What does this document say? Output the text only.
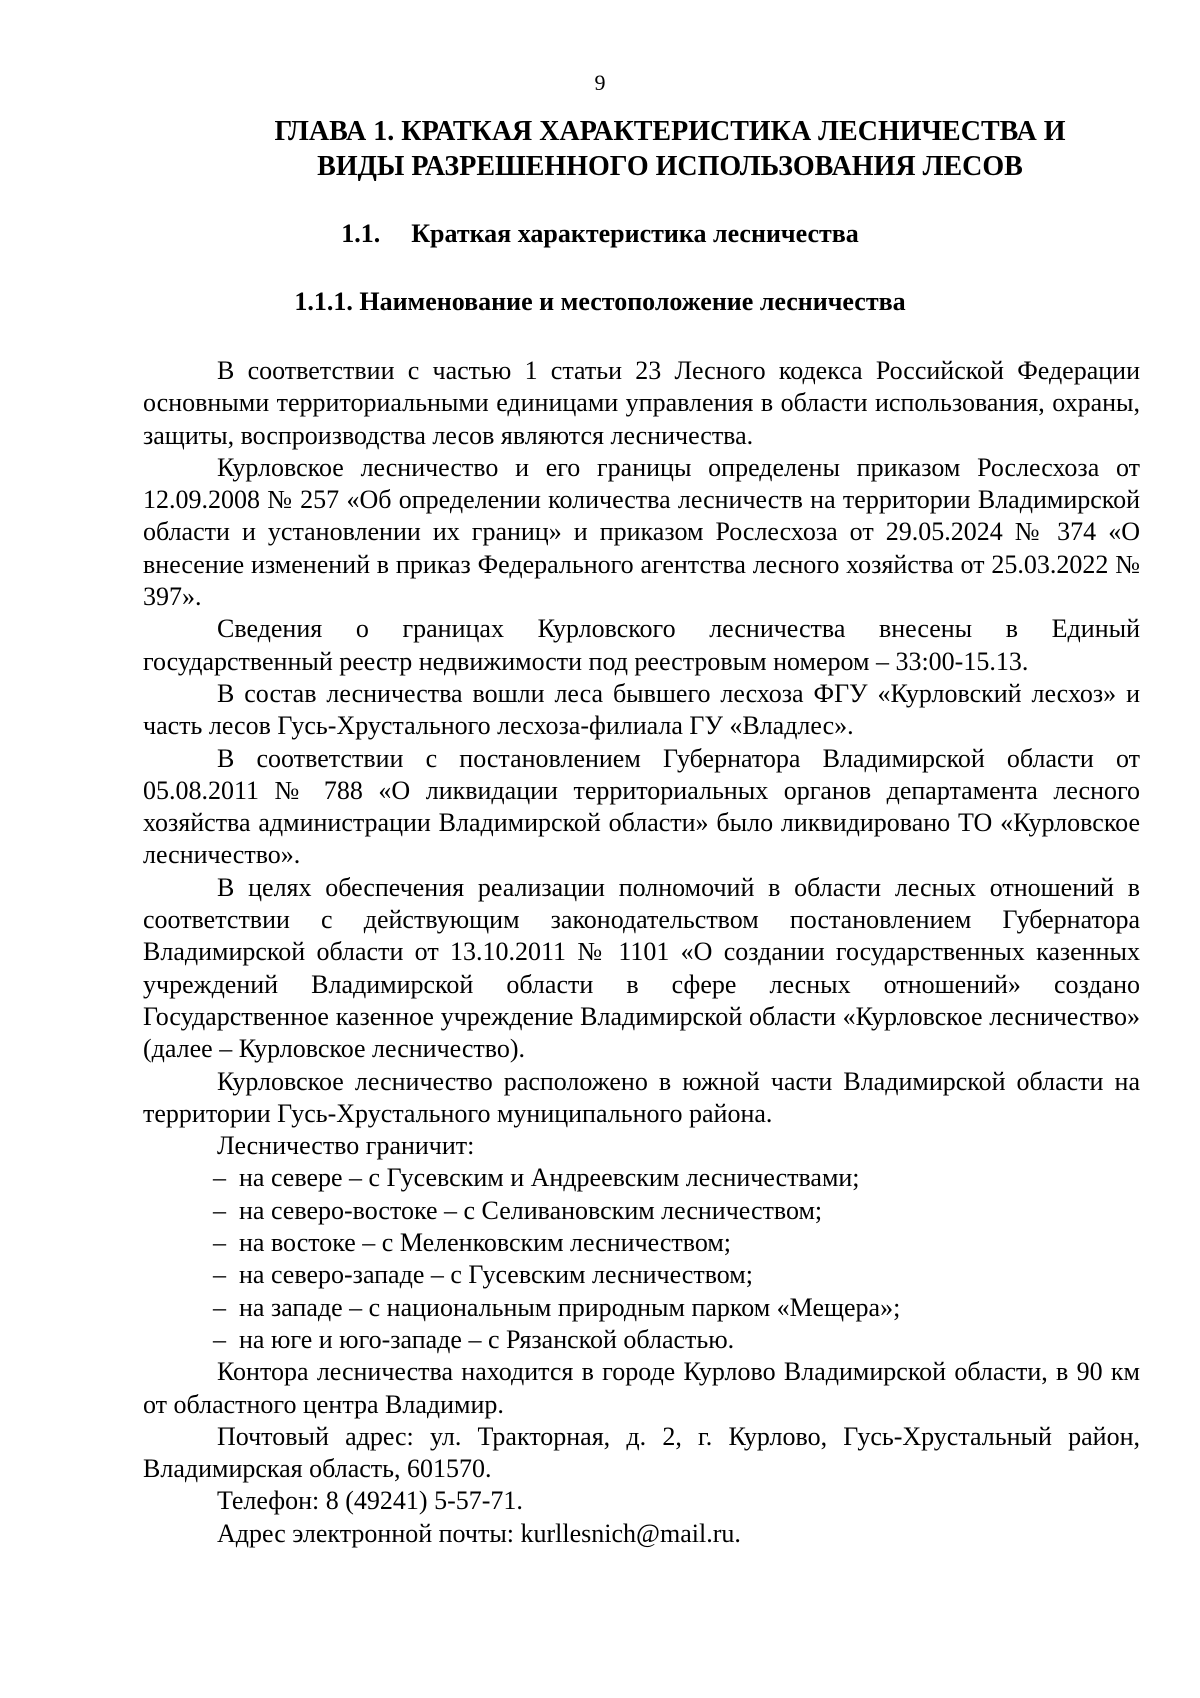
9
ГЛАВА 1. КРАТКАЯ ХАРАКТЕРИСТИКА ЛЕСНИЧЕСТВА И ВИДЫ РАЗРЕШЕННОГО ИСПОЛЬЗОВАНИЯ ЛЕСОВ
1.1. Краткая характеристика лесничества
1.1.1. Наименование и местоположение лесничества

В соответствии с частью 1 статьи 23 Лесного кодекса Российской Федерации основными территориальными единицами управления в области использования, охраны, защиты, воспроизводства лесов являются лесничества.

Курловское лесничество и его границы определены приказом Рослесхоза от 12.09.2008 № 257 «Об определении количества лесничеств на территории Владимирской области и установлении их границ» и приказом Рослесхоза от 29.05.2024 № 374 «О внесение изменений в приказ Федерального агентства лесного хозяйства от 25.03.2022 № 397».

Сведения о границах Курловского лесничества внесены в Единый государственный реестр недвижимости под реестровым номером – 33:00-15.13.

В состав лесничества вошли леса бывшего лесхоза ФГУ «Курловский лесхоз» и часть лесов Гусь-Хрустального лесхоза-филиала ГУ «Владлес».

В соответствии с постановлением Губернатора Владимирской области от 05.08.2011 № 788 «О ликвидации территориальных органов департамента лесного хозяйства администрации Владимирской области» было ликвидировано ТО «Курловское лесничество».

В целях обеспечения реализации полномочий в области лесных отношений в соответствии с действующим законодательством постановлением Губернатора Владимирской области от 13.10.2011 № 1101 «О создании государственных казенных учреждений Владимирской области в сфере лесных отношений» создано Государственное казенное учреждение Владимирской области «Курловское лесничество» (далее – Курловское лесничество).

Курловское лесничество расположено в южной части Владимирской области на территории Гусь-Хрустального муниципального района.

Лесничество граничит:

– на севере – с Гусевским и Андреевским лесничествами;
– на северо-востоке – с Селивановским лесничеством;
– на востоке – с Меленковским лесничеством;
– на северо-западе – с Гусевским лесничеством;
– на западе – с национальным природным парком «Мещера»;
– на юге и юго-западе – с Рязанской областью.

Контора лесничества находится в городе Курлово Владимирской области, в 90 км от областного центра Владимир.

Почтовый адрес: ул. Тракторная, д. 2, г. Курлово, Гусь-Хрустальный район, Владимирская область, 601570.

Телефон: 8 (49241) 5-57-71.

Адрес электронной почты: kurllesnich@mail.ru.
